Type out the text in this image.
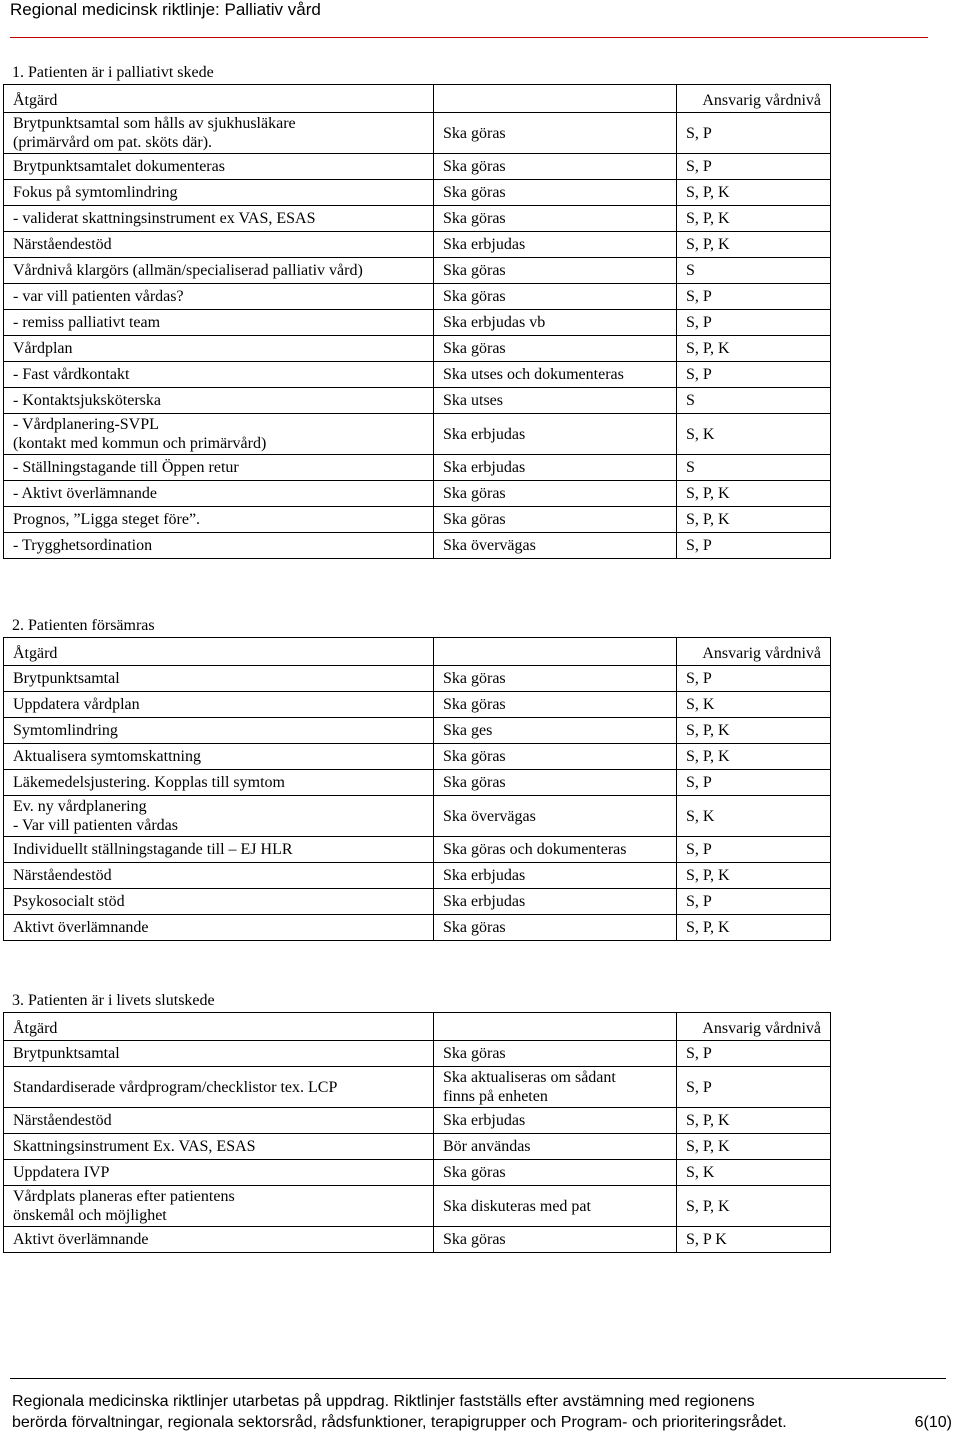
Regional medicinsk riktlinje: Palliativ vård
1. Patienten är i palliativt skede
Åtgärd		Ansvarig vårdnivå

Brytpunktsamtal som hålls av sjukhusläkare
(primärvård om pat. sköts där).	Ska göras	S, P
Brytpunktsamtalet dokumenteras	Ska göras	S, P
Fokus på symtomlindring	Ska göras	S, P, K
- validerat skattningsinstrument ex VAS, ESAS	Ska göras	S, P, K
Närståendestöd	Ska erbjudas	S, P, K
Vårdnivå klargörs (allmän/specialiserad palliativ vård)	Ska göras	S
- var vill patienten vårdas?	Ska göras	S, P
- remiss palliativt team	Ska erbjudas vb	S, P
Vårdplan	Ska göras	S, P, K
- Fast vårdkontakt	Ska utses och dokumenteras	S, P
- Kontaktsjuksköterska	Ska utses	S

- Vårdplanering-SVPL
(kontakt med kommun och primärvård)	Ska erbjudas	S, K
- Ställningstagande till Öppen retur	Ska erbjudas	S
- Aktivt överlämnande	Ska göras	S, P, K
Prognos, ”Ligga steget före”.	Ska göras	S, P, K
- Trygghetsordination	Ska övervägas	S, P
2. Patienten försämras
Åtgärd		Ansvarig vårdnivå
Brytpunktsamtal	Ska göras	S, P
Uppdatera vårdplan	Ska göras	S, K
Symtomlindring	Ska ges	S, P, K
Aktualisera symtomskattning	Ska göras	S, P, K
Läkemedelsjustering. Kopplas till symtom	Ska göras	S, P

Ev. ny vårdplanering
- Var vill patienten vårdas	Ska övervägas	S, K
Individuellt ställningstagande till – EJ HLR	Ska göras och dokumenteras	S, P
Närståendestöd	Ska erbjudas	S, P, K
Psykosocialt stöd	Ska erbjudas	S, P
Aktivt överlämnande	Ska göras	S, P, K
3. Patienten är i livets slutskede
Åtgärd		Ansvarig vårdnivå
Brytpunktsamtal	Ska göras	S, P
Standardiserade vårdprogram/checklistor tex. LCP	Ska aktualiseras om sådant
finns på enheten	S, P
Närståendestöd	Ska erbjudas	S, P, K
Skattningsinstrument Ex. VAS, ESAS	Bör användas	S, P, K
Uppdatera IVP	Ska göras	S, K

Vårdplats planeras efter patientens
önskemål och möjlighet	Ska diskuteras med pat	S, P, K
Aktivt överlämnande	Ska göras	S, P K
Regionala medicinska riktlinjer utarbetas på uppdrag. Riktlinjer fastställs efter avstämning med regionens
berörda förvaltningar, regionala sektorsråd, rådsfunktioner, terapigrupper och Program- och prioriteringsrådet.	6(10)
